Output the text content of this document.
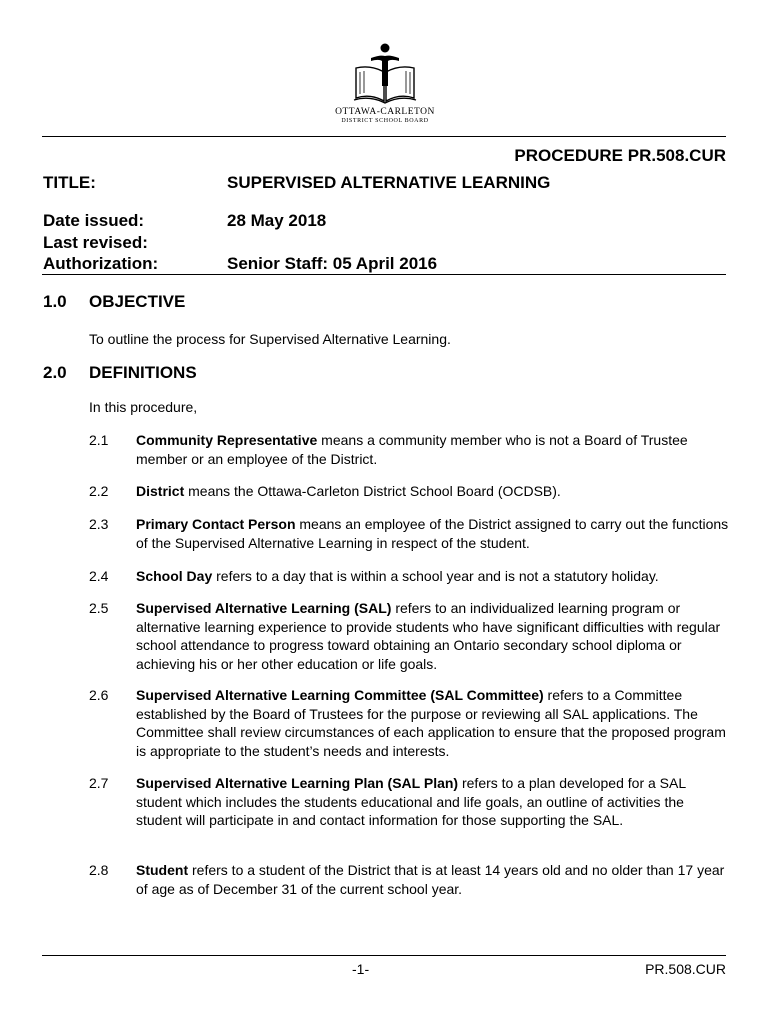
OTTAWA-CARLETON
DISTRICT SCHOOL BOARD
PROCEDURE PR.508.CUR
TITLE:	SUPERVISED ALTERNATIVE LEARNING
Date issued:	28 May 2018
Last revised:
Authorization:	Senior Staff: 05 April 2016
1.0 OBJECTIVE
To outline the process for Supervised Alternative Learning.
2.0 DEFINITIONS
In this procedure,
2.1 Community Representative means a community member who is not a Board of Trustee member or an employee of the District.
2.2 District means the Ottawa-Carleton District School Board (OCDSB).
2.3 Primary Contact Person means an employee of the District assigned to carry out the functions of the Supervised Alternative Learning in respect of the student.
2.4 School Day refers to a day that is within a school year and is not a statutory holiday.
2.5 Supervised Alternative Learning (SAL) refers to an individualized learning program or alternative learning experience to provide students who have significant difficulties with regular school attendance to progress toward obtaining an Ontario secondary school diploma or achieving his or her other education or life goals.
2.6 Supervised Alternative Learning Committee (SAL Committee) refers to a Committee established by the Board of Trustees for the purpose or reviewing all SAL applications. The Committee shall review circumstances of each application to ensure that the proposed program is appropriate to the student’s needs and interests.
2.7 Supervised Alternative Learning Plan (SAL Plan) refers to a plan developed for a SAL student which includes the students educational and life goals, an outline of activities the student will participate in and contact information for those supporting the SAL.
2.8 Student refers to a student of the District that is at least 14 years old and no older than 17 year of age as of December 31 of the current school year.
-1-	PR.508.CUR
